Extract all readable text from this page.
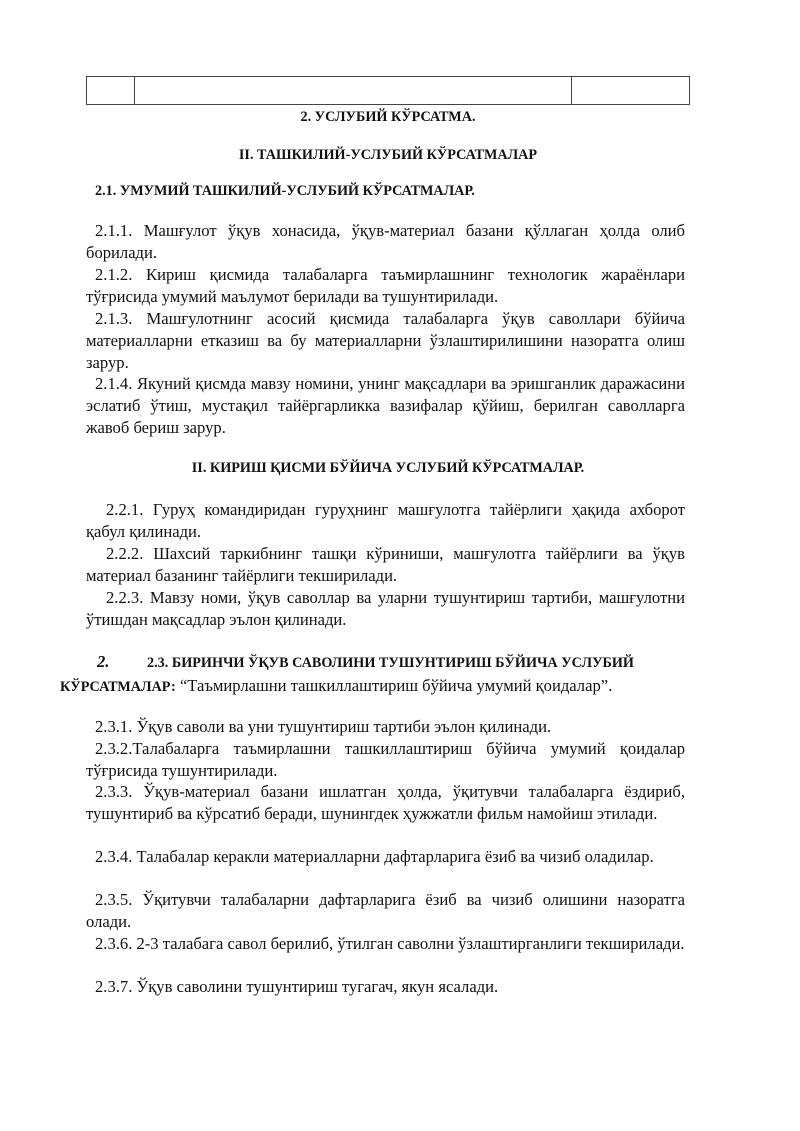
2. УСЛУБИЙ КЎРСАТМА.
II. ТАШКИЛИЙ-УСЛУБИЙ КЎРСАТМАЛАР
2.1. УМУМИЙ ТАШКИЛИЙ-УСЛУБИЙ КЎРСАТМАЛАР.

2.1.1. Машғулот ўқув хонасида, ўқув-материал базани қўллаган ҳолда олиб борилади.

2.1.2. Кириш қисмида талабаларга таъмирлашнинг технологик жараёнлари тўғрисида умумий маълумот берилади ва тушунтирилади.

2.1.3. Машғулотнинг асосий қисмида талабаларга ўқув саволлари бўйича материалларни етказиш ва бу материалларни ўзлаштирилишини назоратга олиш зарур.

2.1.4. Якуний қисмда мавзу номини, унинг мақсадлари ва эришганлик даражасини эслатиб ўтиш, мустақил тайёргарликка вазифалар қўйиш, берилган саволларга жавоб бериш зарур.

II. КИРИШ ҚИСМИ БЎЙИЧА УСЛУБИЙ КЎРСАТМАЛАР.

2.2.1. Гуруҳ командиридан гуруҳнинг машғулотга тайёрлиги ҳақида ахборот қабул қилинади.

2.2.2. Шахсий таркибнинг ташқи кўриниши, машғулотга тайёрлиги ва ўқув материал базанинг тайёрлиги текширилади.

2.2.3. Мавзу номи, ўқув саволлар ва уларни тушунтириш тартиби, машғулотни ўтишдан мақсадлар эълон қилинади.

2.	2.3. БИРИНЧИ ЎҚУВ САВОЛИНИ ТУШУНТИРИШ БЎЙИЧА УСЛУБИЙ КЎРСАТМАЛАР: “Таъмирлашни ташкиллаштириш бўйича умумий қоидалар”.

2.3.1. Ўқув саволи ва уни тушунтириш тартиби эълон қилинади.

2.3.2.Талабаларга таъмирлашни ташкиллаштириш бўйича умумий қоидалар тўғрисида тушунтирилади.

2.3.3. Ўқув-материал базани ишлатган ҳолда, ўқитувчи талабаларга ёздириб, тушунтириб ва кўрсатиб беради, шунингдек ҳужжатли фильм намойиш этилади.

2.3.4. Талабалар керакли материалларни дафтарларига ёзиб ва чизиб оладилар.

2.3.5. Ўқитувчи талабаларни дафтарларига ёзиб ва чизиб олишини назоратга олади.

2.3.6. 2-3 талабага савол берилиб, ўтилган саволни ўзлаштирганлиги текширилади.

2.3.7. Ўқув саволини тушунтириш тугагач, якун ясалади.
